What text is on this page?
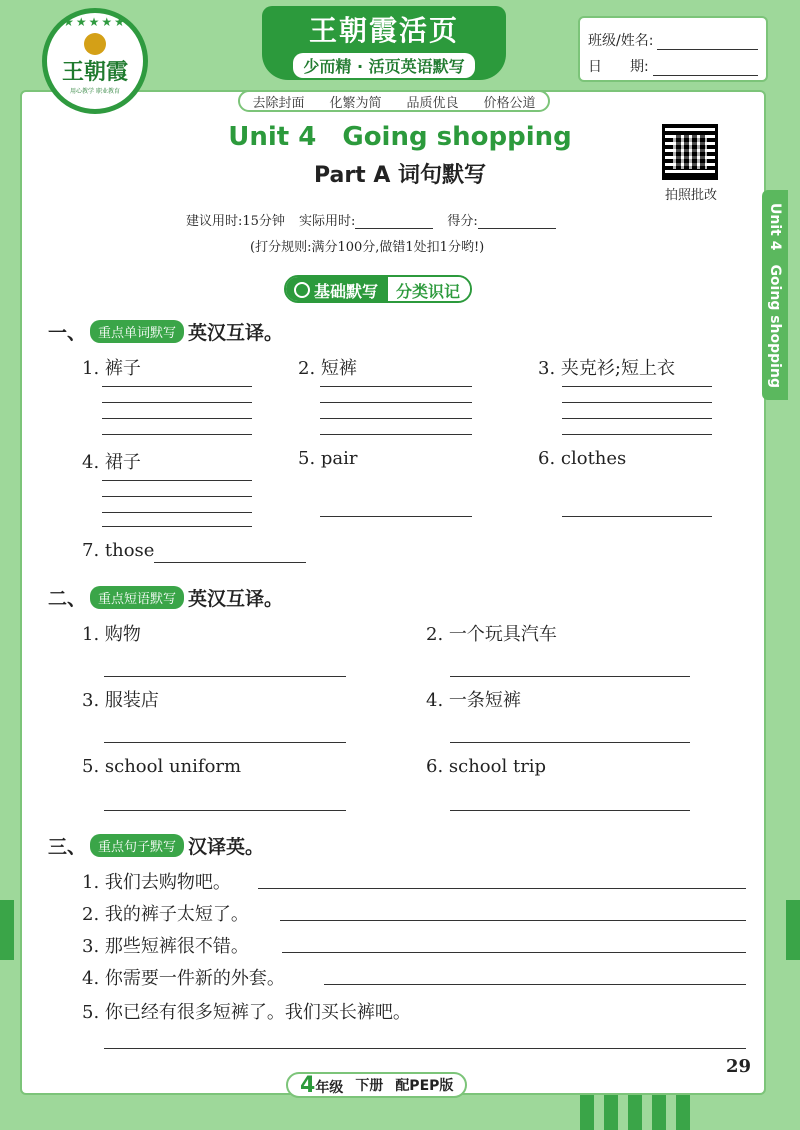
★★★★★
王朝霞
用心教学 职业教育
王朝霞活页
少而精 · 活页英语默写
去除封面 化繁为简 品质优良 价格公道
班级/姓名:
日　　期:
Unit 4　Going shopping
Unit 4　Going shopping
Part A 词句默写
拍照批改
建议用时:15分钟 实际用时:	得分:
(打分规则:满分100分,做错1处扣1分哟!)
基础默写	分类识记
一、 重点单词默写 英汉互译。
1. 裤子	2. 短裤	3. 夹克衫;短上衣
4. 裙子	5. pair	6. clothes
7. those
二、 重点短语默写 英汉互译。
1. 购物	2. 一个玩具汽车
3. 服装店	4. 一条短裤
5. school uniform	6. school trip
三、 重点句子默写 汉译英。
1. 我们去购物吧。
2. 我的裤子太短了。
3. 那些短裤很不错。
4. 你需要一件新的外套。
5. 你已经有很多短裤了。我们买长裤吧。
4年级 下册 配PEP版
29
